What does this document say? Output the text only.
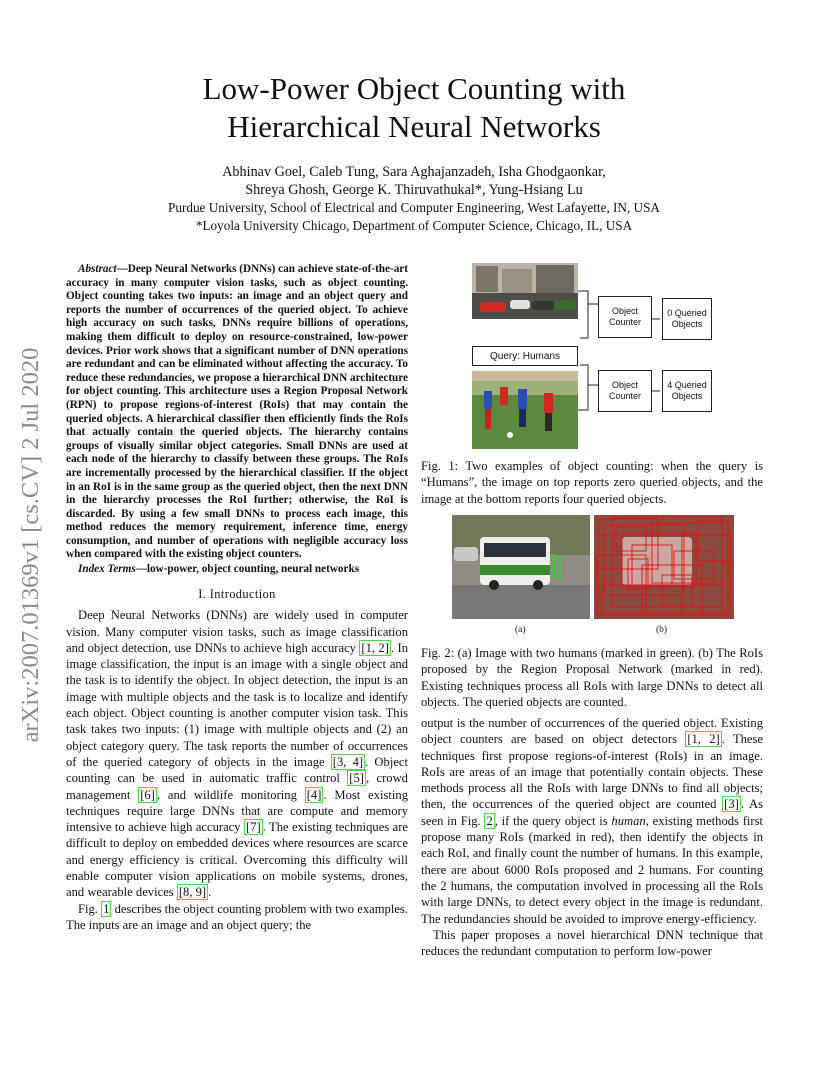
Low-Power Object Counting with
Hierarchical Neural Networks
Abhinav Goel, Caleb Tung, Sara Aghajanzadeh, Isha Ghodgaonkar,
Shreya Ghosh, George K. Thiruvathukal*, Yung-Hsiang Lu
Purdue University, School of Electrical and Computer Engineering, West Lafayette, IN, USA
*Loyola University Chicago, Department of Computer Science, Chicago, IL, USA
arXiv:2007.01369v1 [cs.CV] 2 Jul 2020

Abstract—Deep Neural Networks (DNNs) can achieve state-of-the-art accuracy in many computer vision tasks, such as object counting. Object counting takes two inputs: an image and an object query and reports the number of occurrences of the queried object. To achieve high accuracy on such tasks, DNNs require billions of operations, making them difficult to deploy on resource-constrained, low-power devices. Prior work shows that a significant number of DNN operations are redundant and can be eliminated without affecting the accuracy. To reduce these redundancies, we propose a hierarchical DNN architecture for object counting. This architecture uses a Region Proposal Network (RPN) to propose regions-of-interest (RoIs) that may contain the queried objects. A hierarchical classifier then efficiently finds the RoIs that actually contain the queried objects. The hierarchy contains groups of visually similar object categories. Small DNNs are used at each node of the hierarchy to classify between these groups. The RoIs are incrementally processed by the hierarchical classifier. If the object in an RoI is in the same group as the queried object, then the next DNN in the hierarchy processes the RoI further; otherwise, the RoI is discarded. By using a few small DNNs to process each image, this method reduces the memory requirement, inference time, energy consumption, and number of operations with negligible accuracy loss when compared with the existing object counters.

Index Terms—low-power, object counting, neural networks

I. Introduction

Deep Neural Networks (DNNs) are widely used in computer vision. Many computer vision tasks, such as image classification and object detection, use DNNs to achieve high accuracy [1, 2] . In image classification, the input is an image with a single object and the task is to identify the object. In object detection, the input is an image with multiple objects and the task is to localize and identify each object. Object counting is another computer vision task. This task takes two inputs: (1) image with multiple objects and (2) an object category query. The task reports the number of occurrences of the queried category of objects in the image [3, 4] . Object counting can be used in automatic traffic control [5] , crowd management [6] , and wildlife monitoring [4] . Most existing techniques require large DNNs that are compute and memory intensive to achieve high accuracy [7] . The existing techniques are difficult to deploy on embedded devices where resources are scarce and energy efficiency is critical. Overcoming this difficulty will enable computer vision applications on mobile systems, drones, and wearable devices [8, 9] .

Fig. 1 describes the object counting problem with two examples. The inputs are an image and an object query; the

Query: Humans
Object Counter
0 Queried Objects
Object Counter
4 Queried Objects
Fig. 1: Two examples of object counting: when the query is “Humans”, the image on top reports zero queried objects, and the image at the bottom reports four queried objects.
(a)	(b)
Fig. 2: (a) Image with two humans (marked in green). (b) The RoIs proposed by the Region Proposal Network (marked in red). Existing techniques process all RoIs with large DNNs to detect all objects. The queried objects are counted.

output is the number of occurrences of the queried object. Existing object counters are based on object detectors [1, 2] . These techniques first propose regions-of-interest (RoIs) in an image. RoIs are areas of an image that potentially contain objects. These methods process all the RoIs with large DNNs to find all objects; then, the occurrences of the queried object are counted [3] . As seen in Fig. 2 , if the query object is human, existing methods first propose many RoIs (marked in red), then identify the objects in each RoI, and finally count the number of humans. In this example, there are about 6000 RoIs proposed and 2 humans. For counting the 2 humans, the computation involved in processing all the RoIs with large DNNs, to detect every object in the image is redundant. The redundancies should be avoided to improve energy-efficiency.

This paper proposes a novel hierarchical DNN technique that reduces the redundant computation to perform low-power
